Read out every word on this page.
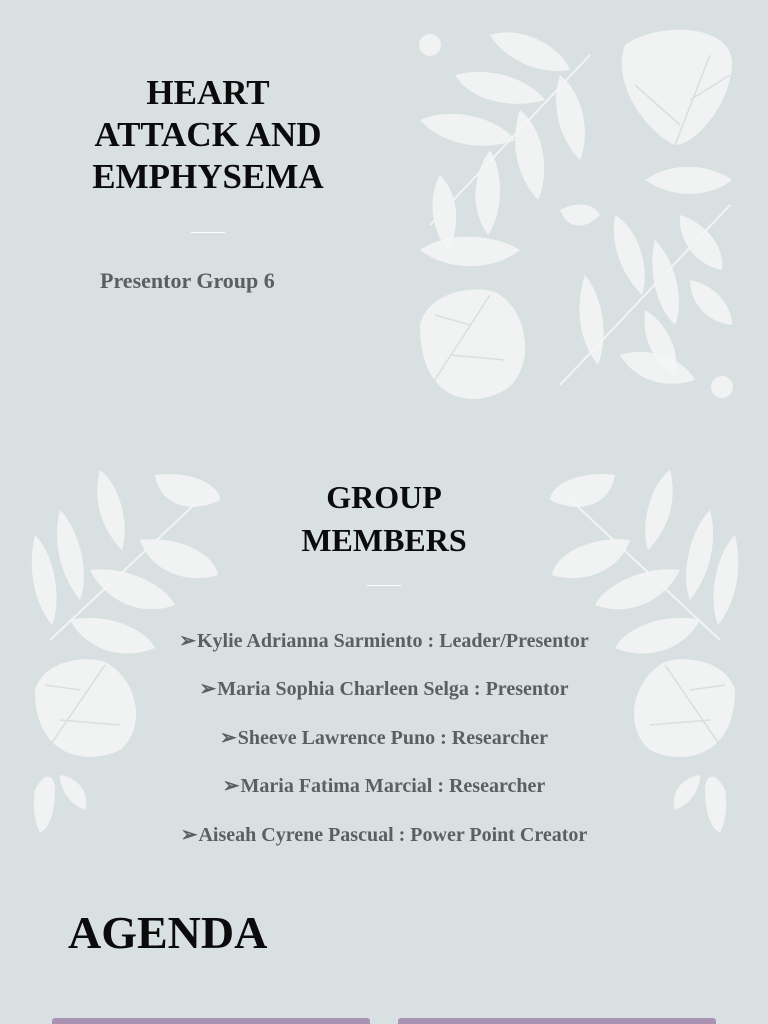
HEART
ATTACK AND
EMPHYSEMA
Presentor Group 6
GROUP
MEMBERS
➢Kylie Adrianna Sarmiento : Leader/Presentor
➢Maria Sophia Charleen Selga : Presentor
➢Sheeve Lawrence Puno : Researcher
➢Maria Fatima Marcial : Researcher
➢Aiseah Cyrene Pascual : Power Point Creator
AGENDA
